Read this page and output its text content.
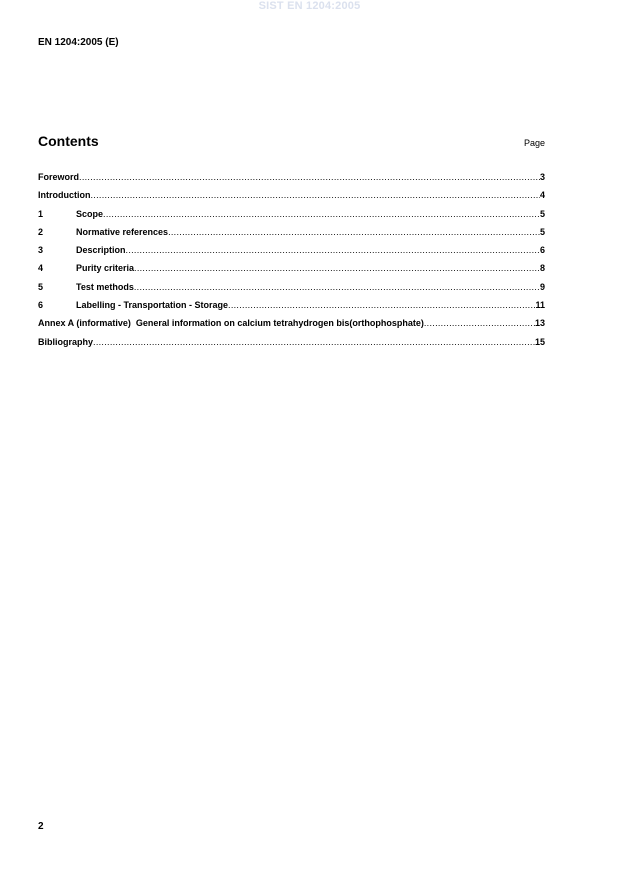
SIST EN 1204:2005
EN 1204:2005 (E)
Contents	Page
Foreword .....	3
Introduction .....	4
1	Scope .....	5
2	Normative references .....	5
3	Description .....	6
4	Purity criteria .....	8
5	Test methods .....	9
6	Labelling - Transportation - Storage .....	11
Annex A (informative)  General information on calcium tetrahydrogen bis(orthophosphate) .....	13
Bibliography .....	15
2
